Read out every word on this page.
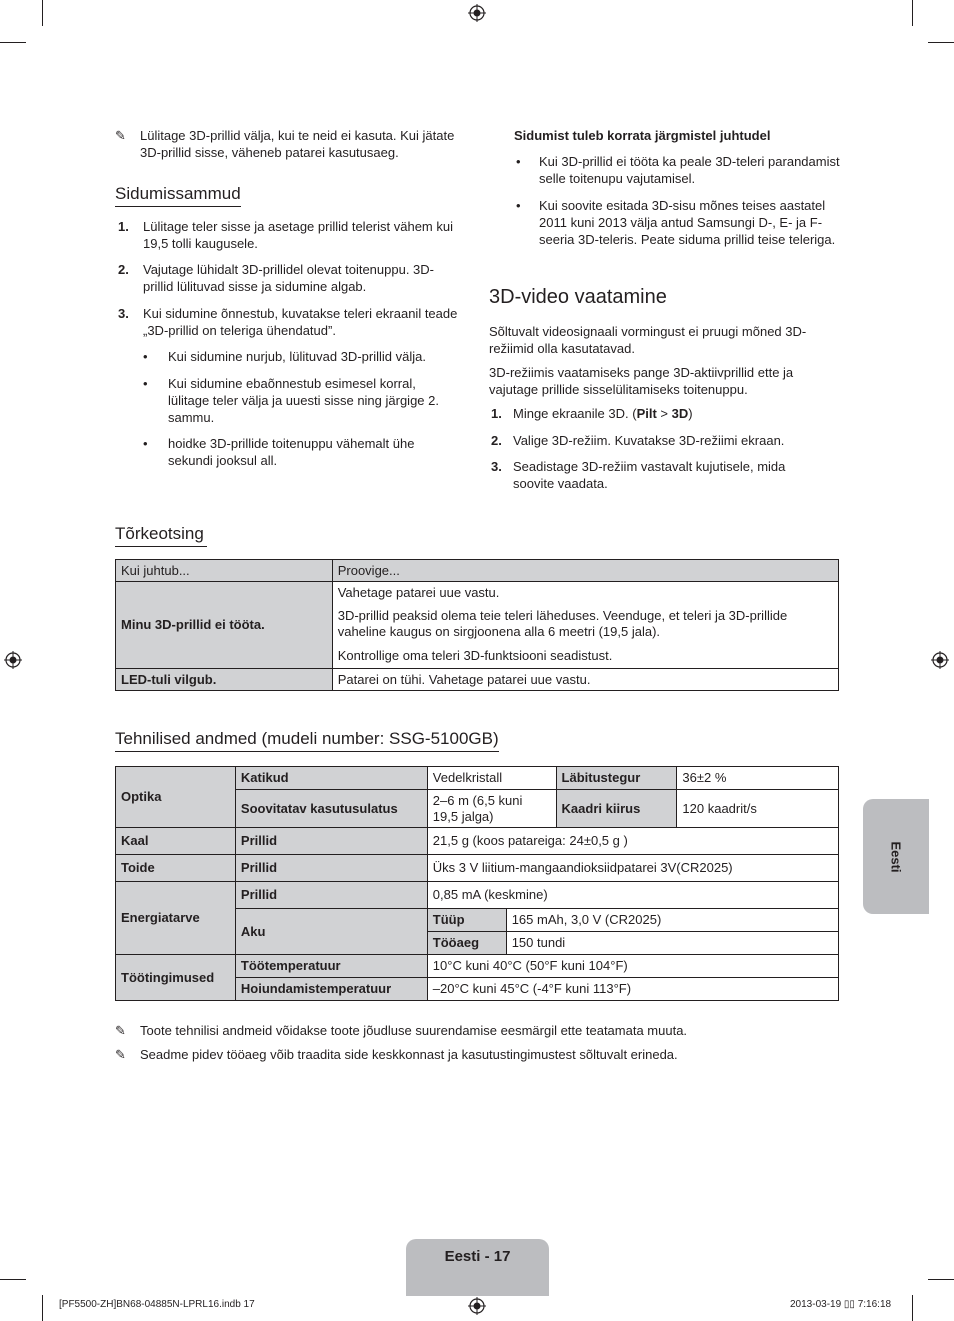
✎ Lülitage 3D-prillid välja, kui te neid ei kasuta. Kui jätate 3D-prillid sisse, väheneb patarei kasutusaeg.
Sidumissammud
1. Lülitage teler sisse ja asetage prillid telerist vähem kui 19,5 tolli kaugusele.
2. Vajutage lühidalt 3D-prillidel olevat toitenuppu. 3D-prillid lülituvad sisse ja sidumine algab.
3. Kui sidumine õnnestub, kuvatakse teleri ekraanil teade „3D-prillid on teleriga ühendatud”.
• Kui sidumine nurjub, lülituvad 3D-prillid välja.
• Kui sidumine ebaõnnestub esimesel korral, lülitage teler välja ja uuesti sisse ning järgige 2. sammu.
• hoidke 3D-prillide toitenuppu vähemalt ühe sekundi jooksul all.
Sidumist tuleb korrata järgmistel juhtudel
• Kui 3D-prillid ei tööta ka peale 3D-teleri parandamist selle toitenupu vajutamisel.
• Kui soovite esitada 3D-sisu mõnes teises aastatel 2011 kuni 2013 välja antud Samsungi D-, E- ja F-seeria 3D-teleris. Peate siduma prillid teise teleriga.
3D-video vaatamine
Sõltuvalt videosignaali vormingust ei pruugi mõned 3D-režiimid olla kasutatavad.
3D-režiimis vaatamiseks pange 3D-aktiivprillid ette ja vajutage prillide sisselülitamiseks toitenuppu.
1. Minge ekraanile 3D. (Pilt > 3D)
2. Valige 3D-režiim. Kuvatakse 3D-režiimi ekraan.
3. Seadistage 3D-režiim vastavalt kujutisele, mida soovite vaadata.
Tõrkeotsing
Kui juhtub...	Proovige...
Minu 3D-prillid ei tööta.	Vahetage patarei uue vastu.
	3D-prillid peaksid olema teie teleri läheduses. Veenduge, et teleri ja 3D-prillide vaheline kaugus on sirgjoonena alla 6 meetri (19,5 jala).
	Kontrollige oma teleri 3D-funktsiooni seadistust.
LED-tuli vilgub.	Patarei on tühi. Vahetage patarei uue vastu.
Tehnilised andmed (mudeli number: SSG-5100GB)
Optika	Katikud	Vedelkristall		Läbitustegur	36±2 %
	Soovitatav kasutusulatus	2–6 m (6,5 kuni 19,5 jalga)		Kaadri kiirus	120 kaadrit/s
Kaal	Prillid	21,5 g (koos patareiga: 24±0,5 g )			
Toide	Prillid	Üks 3 V liitium-mangaandioksiidpatarei 3V(CR2025)			
Energiatarve	Prillid	0,85 mA (keskmine)			
	Aku	Tüüp	165 mAh, 3,0 V (CR2025)		
		Tööaeg	150 tundi		
Töötingimused	Töötemperatuur	10°C kuni 40°C (50°F kuni 104°F)			
	Hoiundamistemperatuur	–20°C kuni 45°C (-4°F kuni 113°F)			
✎ Toote tehnilisi andmeid võidakse toote jõudluse suurendamise eesmärgil ette teatamata muuta.
✎ Seadme pidev tööaeg võib traadita side keskkonnast ja kasutustingimustest sõltuvalt erineda.
Eesti
Eesti - 17
[PF5500-ZH]BN68-04885N-LPRL16.indb 17	2013-03-19 ▯▯ 7:16:18
